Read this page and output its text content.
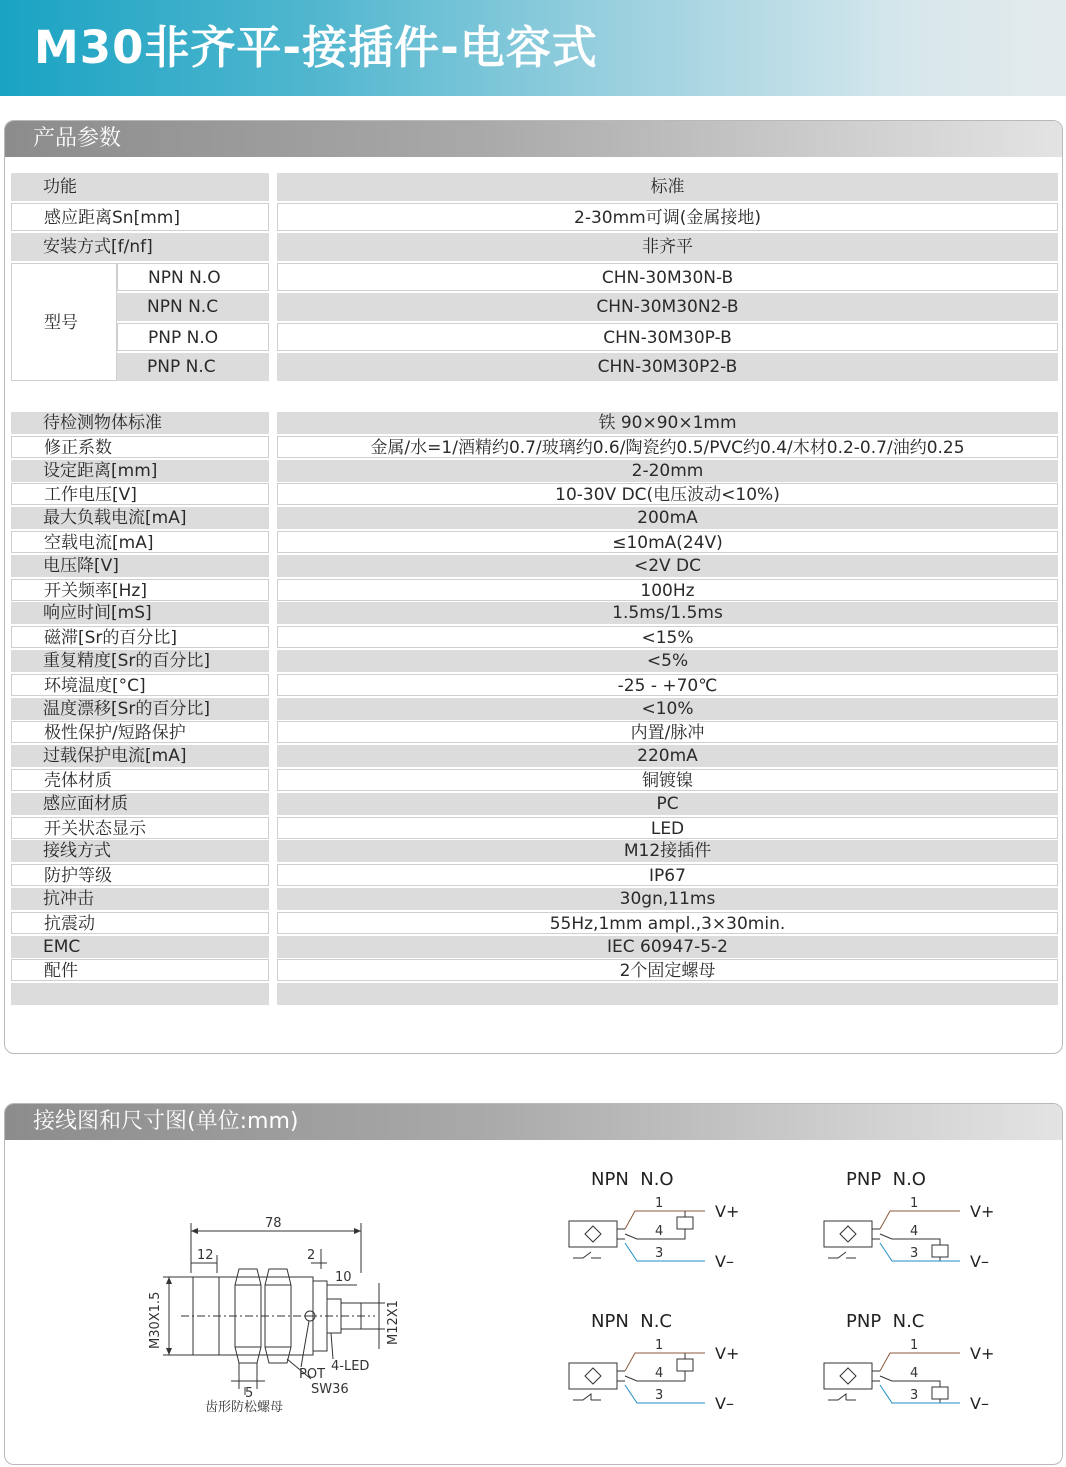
M30非齐平-接插件-电容式
产品参数
功能	标准
感应距离Sn[mm]	2-30mm可调(金属接地)
安装方式[f/nf]	非齐平
型号
NPN N.O	CHN-30M30N-B
NPN N.C	CHN-30M30N2-B
PNP N.O	CHN-30M30P-B
PNP N.C	CHN-30M30P2-B
待检测物体标准	铁 90×90×1mm
修正系数	金属/水=1/酒精约0.7/玻璃约0.6/陶瓷约0.5/PVC约0.4/木材0.2-0.7/油约0.25
设定距离[mm]	2-20mm
工作电压[V]	10-30V DC(电压波动<10%)
最大负载电流[mA]	200mA
空载电流[mA]	≤10mA(24V)
电压降[V]	<2V DC
开关频率[Hz]	100Hz
响应时间[mS]	1.5ms/1.5ms
磁滞[Sr的百分比]	<15%
重复精度[Sr的百分比]	<5%
环境温度[°C]	-25 - +70℃
温度漂移[Sr的百分比]	<10%
极性保护/短路保护	内置/脉冲
过载保护电流[mA]	220mA
壳体材质	铜镀镍
感应面材质	PC
开关状态显示	LED
接线方式	M12接插件
防护等级	IP67
抗冲击	30gn,11ms
抗震动	55Hz,1mm ampl.,3×30min.
EMC	IEC 60947-5-2
配件	2个固定螺母
接线图和尺寸图(单位:mm)
78
12	2
10
M30X1.5	M12X1
POT
4-LED
SW36
5
齿形防松螺母
NPN  N.O
1
4
3
V+
V–
PNP  N.O
1
4
3
V+
V–
NPN  N.C
1
4
3
V+
V–
PNP  N.C
1
4
3
V+
V–
